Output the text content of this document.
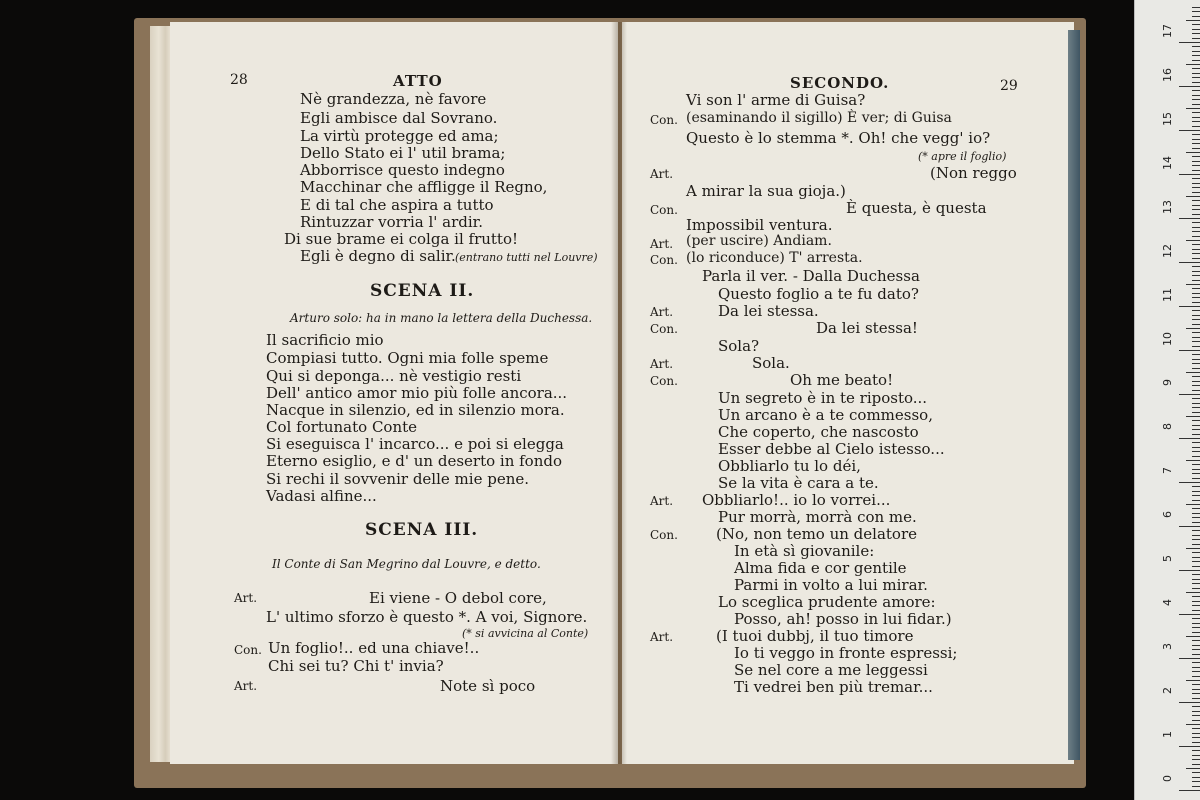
28	ATTO
Nè grandezza, nè favore
Egli ambisce dal Sovrano.
La virtù protegge ed ama;
Dello Stato ei l' util brama;
Abborrisce questo indegno
Macchinar che affligge il Regno,
E di tal che aspira a tutto
Rintuzzar vorria l' ardir.
Di sue brame ei colga il frutto!
Egli è degno di salir. (entrano tutti nel Louvre)
SCENA II.
Arturo solo: ha in mano la lettera della Duchessa.
Il sacrificio mio
Compiasi tutto. Ogni mia folle speme
Qui si deponga... nè vestigio resti
Dell' antico amor mio più folle ancora...
Nacque in silenzio, ed in silenzio mora.
Col fortunato Conte
Si eseguisca l' incarco... e poi si elegga
Eterno esiglio, e d' un deserto in fondo
Si rechi il sovvenir delle mie pene.
Vadasi alfine...
SCENA III.
Il Conte di San Megrino dal Louvre, e detto.
Art.	Ei viene - O debol core,
L' ultimo sforzo è questo *. A voi, Signore.
(* si avvicina al Conte)
Con. Un foglio!.. ed una chiave!..
Chi sei tu? Chi t' invia?
Art.	Note sì poco
SECONDO.	29
Vi son l' arme di Guisa?
Con. (esaminando il sigillo) È ver; di Guisa
Questo è lo stemma *. Oh! che vegg' io?
(* apre il foglio)
Art.	(Non reggo
A mirar la sua gioja.)
Con.	È questa, è questa
Impossibil ventura.
Art. (per uscire) Andiam.
Con. (lo riconduce) T' arresta.
Parla il ver. - Dalla Duchessa
Questo foglio a te fu dato?
Art.	Da lei stessa.
Con.	Da lei stessa!
Sola?
Art.	Sola.
Con.	Oh me beato!
Un segreto è in te riposto...
Un arcano è a te commesso,
Che coperto, che nascosto
Esser debbe al Cielo istesso...
Obbliarlo tu lo déi,
Se la vita è cara a te.
Art. Obbliarlo!.. io lo vorrei...
Pur morrà, morrà con me.
Con.	(No, non temo un delatore
In età sì giovanile:
Alma fida e cor gentile
Parmi in volto a lui mirar.
Lo sceglica prudente amore:
Posso, ah! posso in lui fidar.)
Art.	(I tuoi dubbj, il tuo timore
Io ti veggo in fronte espressi;
Se nel core a me leggessi
Ti vedrei ben più tremar...
0
1
2
3
4
5
6
7
8
9
10
11
12
13
14
15
16
17
